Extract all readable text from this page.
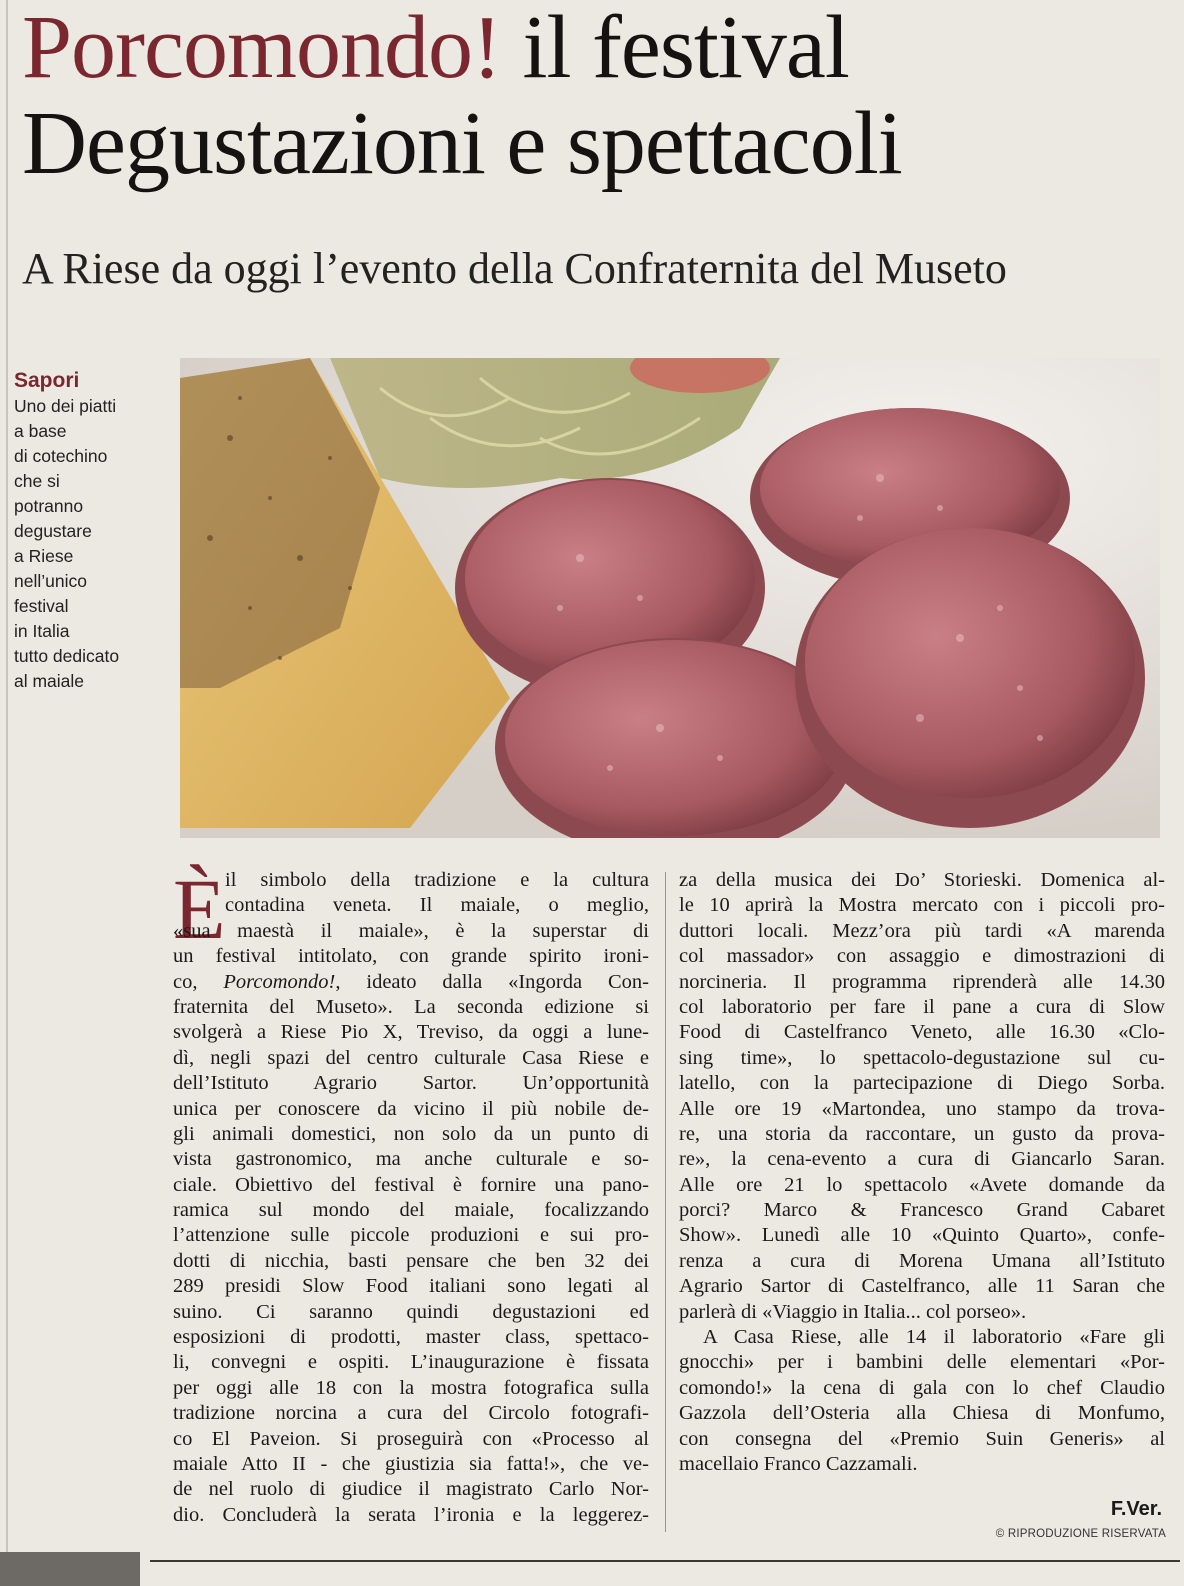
Porcomondo! il festival
Degustazioni e spettacoli
A Riese da oggi l’evento della Confraternita del Museto
Sapori
Uno dei piatti
a base
di cotechino
che si
potranno
degustare
a Riese
nell’unico
festival
in Italia
tutto dedicato
al maiale
È il simbolo della tradizione e la cultura
contadina veneta. Il maiale, o meglio,
«sua maestà il maiale», è la superstar di
un festival intitolato, con grande spirito ironi-
co, Porcomondo!, ideato dalla «Ingorda Con-
fraternita del Museto». La seconda edizione si
svolgerà a Riese Pio X, Treviso, da oggi a lune-
dì, negli spazi del centro culturale Casa Riese e
dell’Istituto Agrario Sartor. Un’opportunità
unica per conoscere da vicino il più nobile de-
gli animali domestici, non solo da un punto di
vista gastronomico, ma anche culturale e so-
ciale. Obiettivo del festival è fornire una pano-
ramica sul mondo del maiale, focalizzando
l’attenzione sulle piccole produzioni e sui pro-
dotti di nicchia, basti pensare che ben 32 dei
289 presidi Slow Food italiani sono legati al
suino. Ci saranno quindi degustazioni ed
esposizioni di prodotti, master class, spettaco-
li, convegni e ospiti. L’inaugurazione è fissata
per oggi alle 18 con la mostra fotografica sulla
tradizione norcina a cura del Circolo fotografi-
co El Paveion. Si proseguirà con «Processo al
maiale Atto II - che giustizia sia fatta!», che ve-
de nel ruolo di giudice il magistrato Carlo Nor-
dio. Concluderà la serata l’ironia e la leggerez-
za della musica dei Do’ Storieski. Domenica al-
le 10 aprirà la Mostra mercato con i piccoli pro-
duttori locali. Mezz’ora più tardi «A marenda
col massador» con assaggio e dimostrazioni di
norcineria. Il programma riprenderà alle 14.30
col laboratorio per fare il pane a cura di Slow
Food di Castelfranco Veneto, alle 16.30 «Clo-
sing time», lo spettacolo-degustazione sul cu-
latello, con la partecipazione di Diego Sorba.
Alle ore 19 «Martondea, uno stampo da trova-
re, una storia da raccontare, un gusto da prova-
re», la cena-evento a cura di Giancarlo Saran.
Alle ore 21 lo spettacolo «Avete domande da
porci? Marco & Francesco Grand Cabaret
Show». Lunedì alle 10 «Quinto Quarto», confe-
renza a cura di Morena Umana all’Istituto
Agrario Sartor di Castelfranco, alle 11 Saran che
parlerà di «Viaggio in Italia... col porseo».
A Casa Riese, alle 14 il laboratorio «Fare gli
gnocchi» per i bambini delle elementari «Por-
comondo!» la cena di gala con lo chef Claudio
Gazzola dell’Osteria alla Chiesa di Monfumo,
con consegna del «Premio Suin Generis» al
macellaio Franco Cazzamali.
F.Ver.
© RIPRODUZIONE RISERVATA
